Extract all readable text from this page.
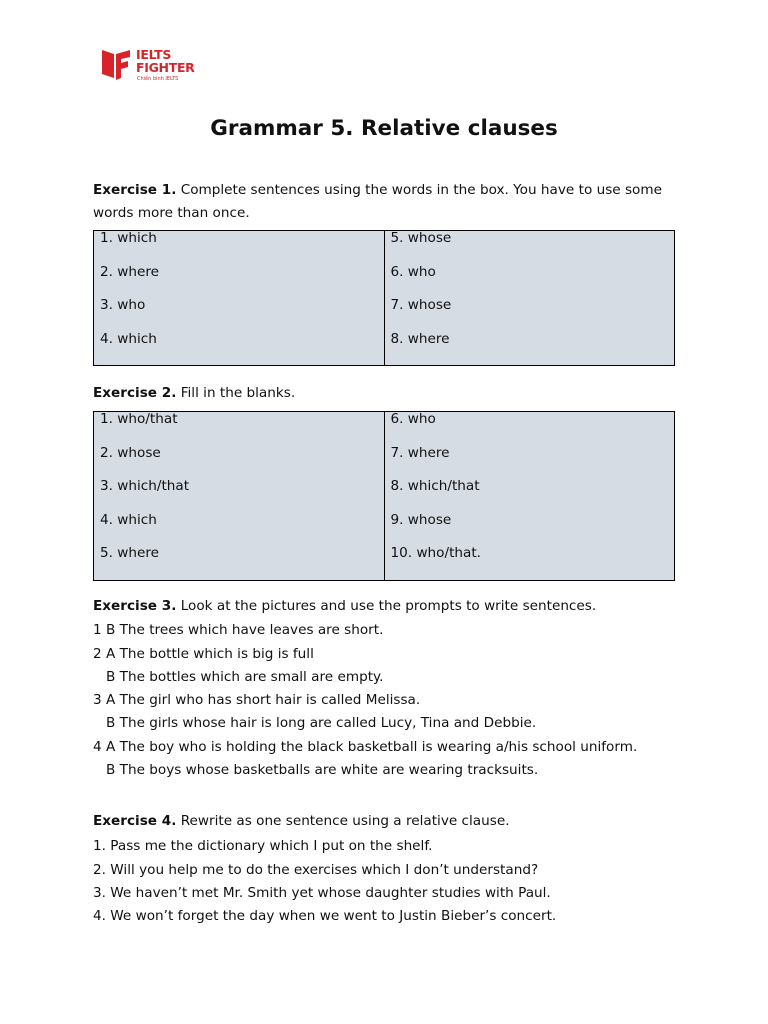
IELTS
FIGHTER
Chiến binh IELTS
Grammar 5. Relative clauses
Exercise 1. Complete sentences using the words in the box. You have to use some words more than once.
1. which
2. where
3. who
4. which

5. whose
6. who
7. whose
8. where
Exercise 2. Fill in the blanks.
1. who/that
2. whose
3. which/that
4. which
5. where

6. who
7. where
8. which/that
9. whose
10. who/that.
Exercise 3. Look at the pictures and use the prompts to write sentences.
1 B The trees which have leaves are short.
2 A The bottle which is big is full
B The bottles which are small are empty.
3 A The girl who has short hair is called Melissa.
B The girls whose hair is long are called Lucy, Tina and Debbie.
4 A The boy who is holding the black basketball is wearing a/his school uniform.
B The boys whose basketballs are white are wearing tracksuits.
Exercise 4. Rewrite as one sentence using a relative clause.
1. Pass me the dictionary which I put on the shelf.
2. Will you help me to do the exercises which I don’t understand?
3. We haven’t met Mr. Smith yet whose daughter studies with Paul.
4. We won’t forget the day when we went to Justin Bieber’s concert.
